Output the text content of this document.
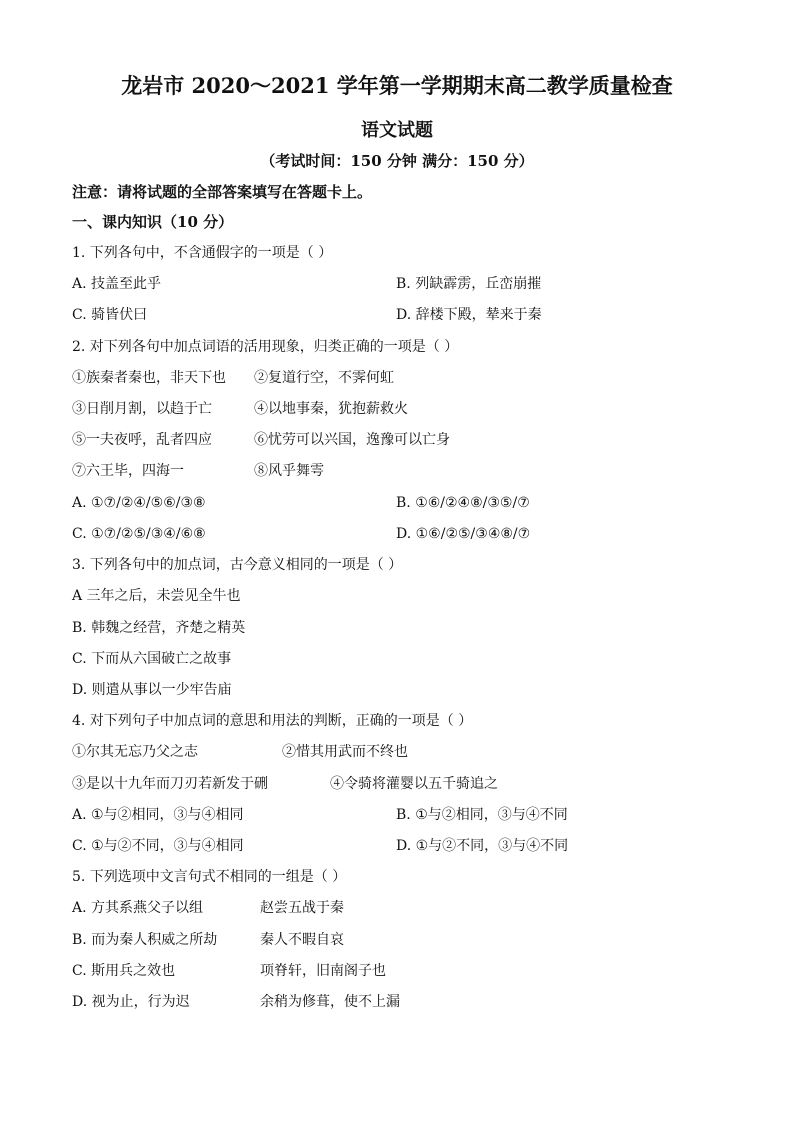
龙岩市 2020～2021 学年第一学期期末高二教学质量检查
语文试题
（考试时间：150 分钟 满分：150 分）
注意：请将试题的全部答案填写在答题卡上。
一、课内知识（10 分）
1. 下列各句中，不含通假字的一项是（ ）
A. 技盖至此乎	B. 列缺霹雳，丘峦崩摧
C. 骑皆伏曰	D. 辞楼下殿，辇来于秦
2. 对下列各句中加点词语的活用现象，归类正确的一项是（ ）
①族秦者秦也，非天下也 ②复道行空，不霁何虹
③日削月割，以趋于亡	④以地事秦，犹抱薪救火
⑤一夫夜呼，乱者四应	⑥忧劳可以兴国，逸豫可以亡身
⑦六王毕，四海一	⑧风乎舞雩
A. ①⑦/②④/⑤⑥/③⑧	B. ①⑥/②④⑧/③⑤/⑦
C. ①⑦/②⑤/③④/⑥⑧	D. ①⑥/②⑤/③④⑧/⑦
3. 下列各句中的加点词，古今意义相同的一项是（ ）
A 三年之后，未尝见全牛也
B. 韩魏之经营，齐楚之精英
C. 下而从六国破亡之故事
D. 则遣从事以一少牢告庙
4. 对下列句子中加点词的意思和用法的判断，正确的一项是（ ）
①尔其无忘乃父之志	②惜其用武而不终也
③是以十九年而刀刃若新发于硎	④令骑将灌婴以五千骑追之
A. ①与②相同，③与④相同	B. ①与②相同，③与④不同
C. ①与②不同，③与④相同	D. ①与②不同，③与④不同
5. 下列选项中文言句式不相同的一组是（ ）
A. 方其系燕父子以组	赵尝五战于秦
B. 而为秦人积威之所劫	秦人不暇自哀
C. 斯用兵之效也	项脊轩，旧南阁子也
D. 视为止，行为迟	余稍为修葺，使不上漏
